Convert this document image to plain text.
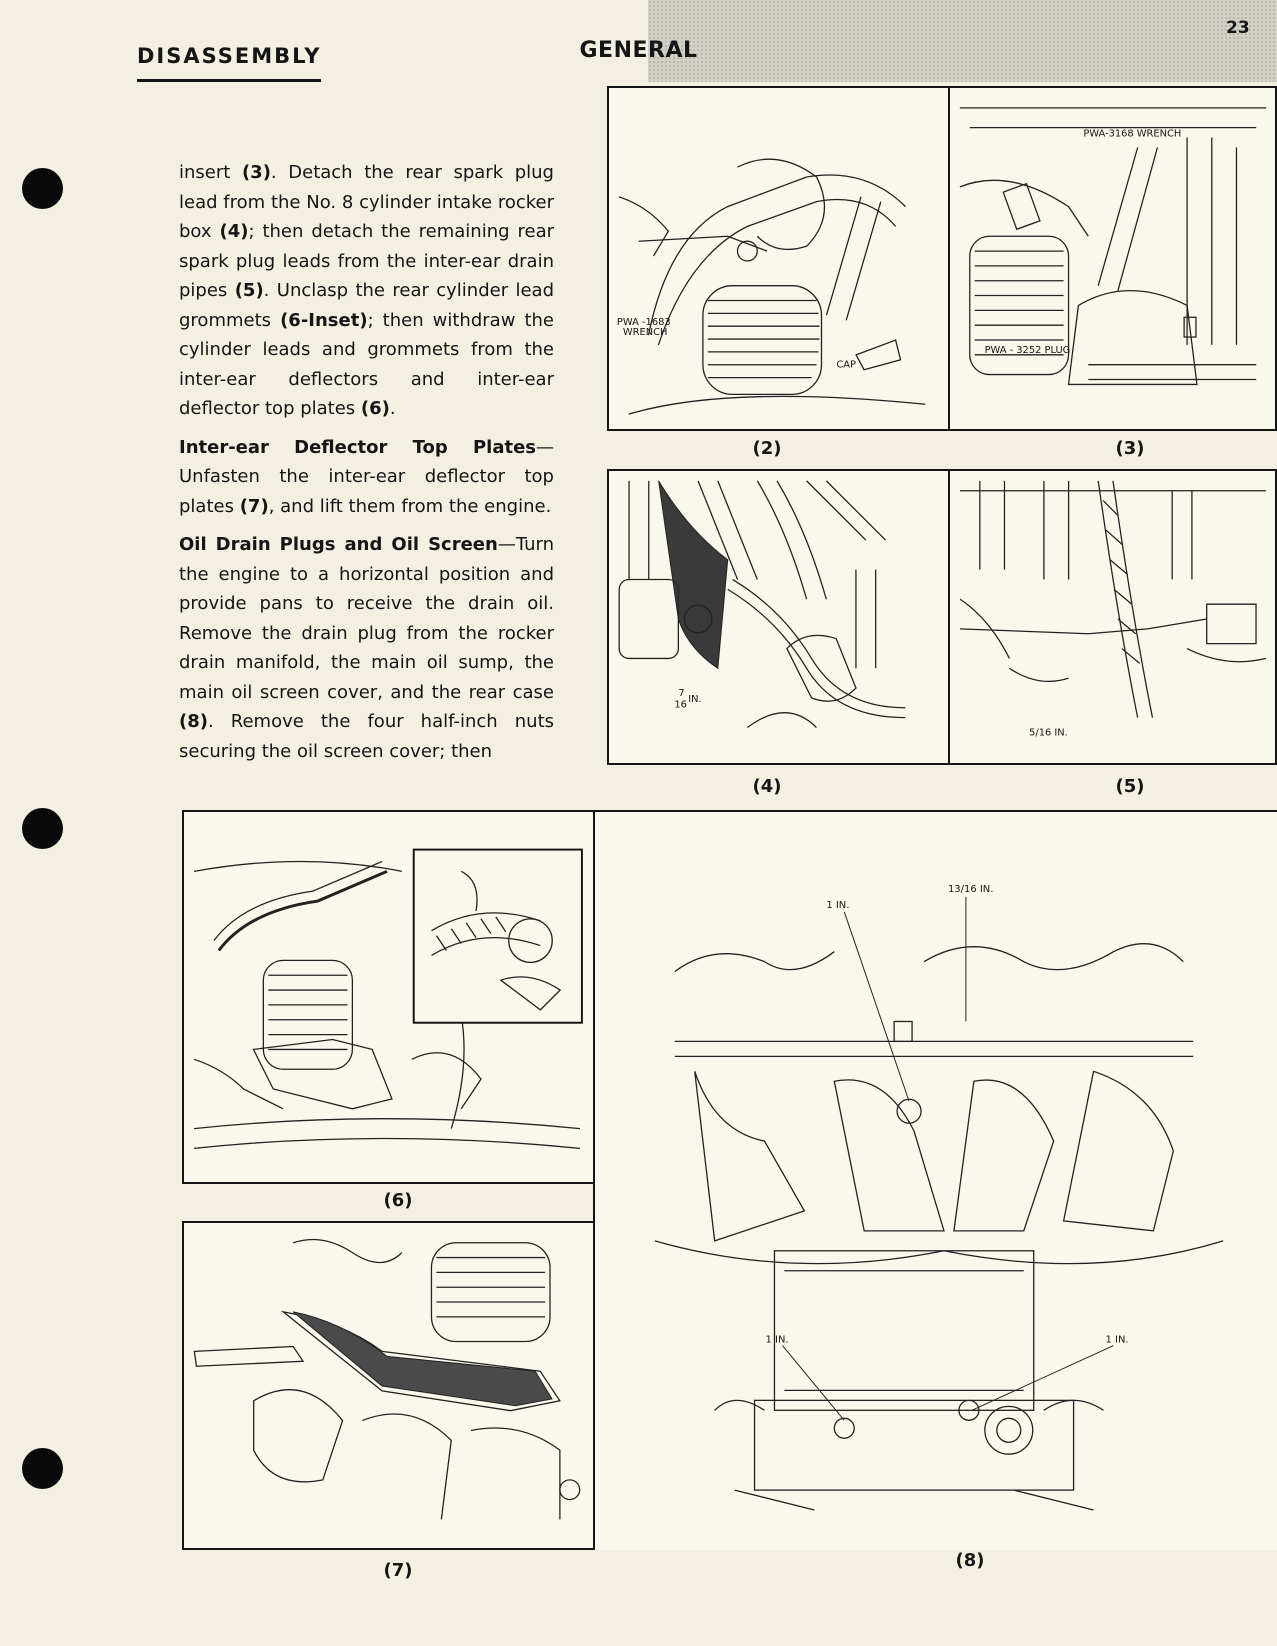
GENERAL
23
DISASSEMBLY

insert (3). Detach the rear spark plug lead from the No. 8 cylinder intake rocker box (4); then detach the remaining rear spark plug leads from the inter-ear drain pipes (5). Unclasp the rear cylinder lead grommets (6-Inset); then withdraw the cylinder leads and grommets from the inter-ear deflectors and inter-ear deflector top plates (6).

Inter-ear Deflector Top Plates—Unfasten the inter-ear deflector top plates (7), and lift them from the engine.

Oil Drain Plugs and Oil Screen—Turn the engine to a horizontal position and provide pans to receive the drain oil. Remove the drain plug from the rocker drain manifold, the main oil sump, the main oil screen cover, and the rear case (8). Remove the four half-inch nuts securing the oil screen cover; then

PWA -1683
WRENCH
CAP
(2)
PWA-3168 WRENCH
PWA - 3252 PLUG
(3)
7
16
IN.
(4)
5/16 IN.
(5)
(6)
(7)
1 IN.
13/16 IN.
1 IN.	1 IN.
(8)
